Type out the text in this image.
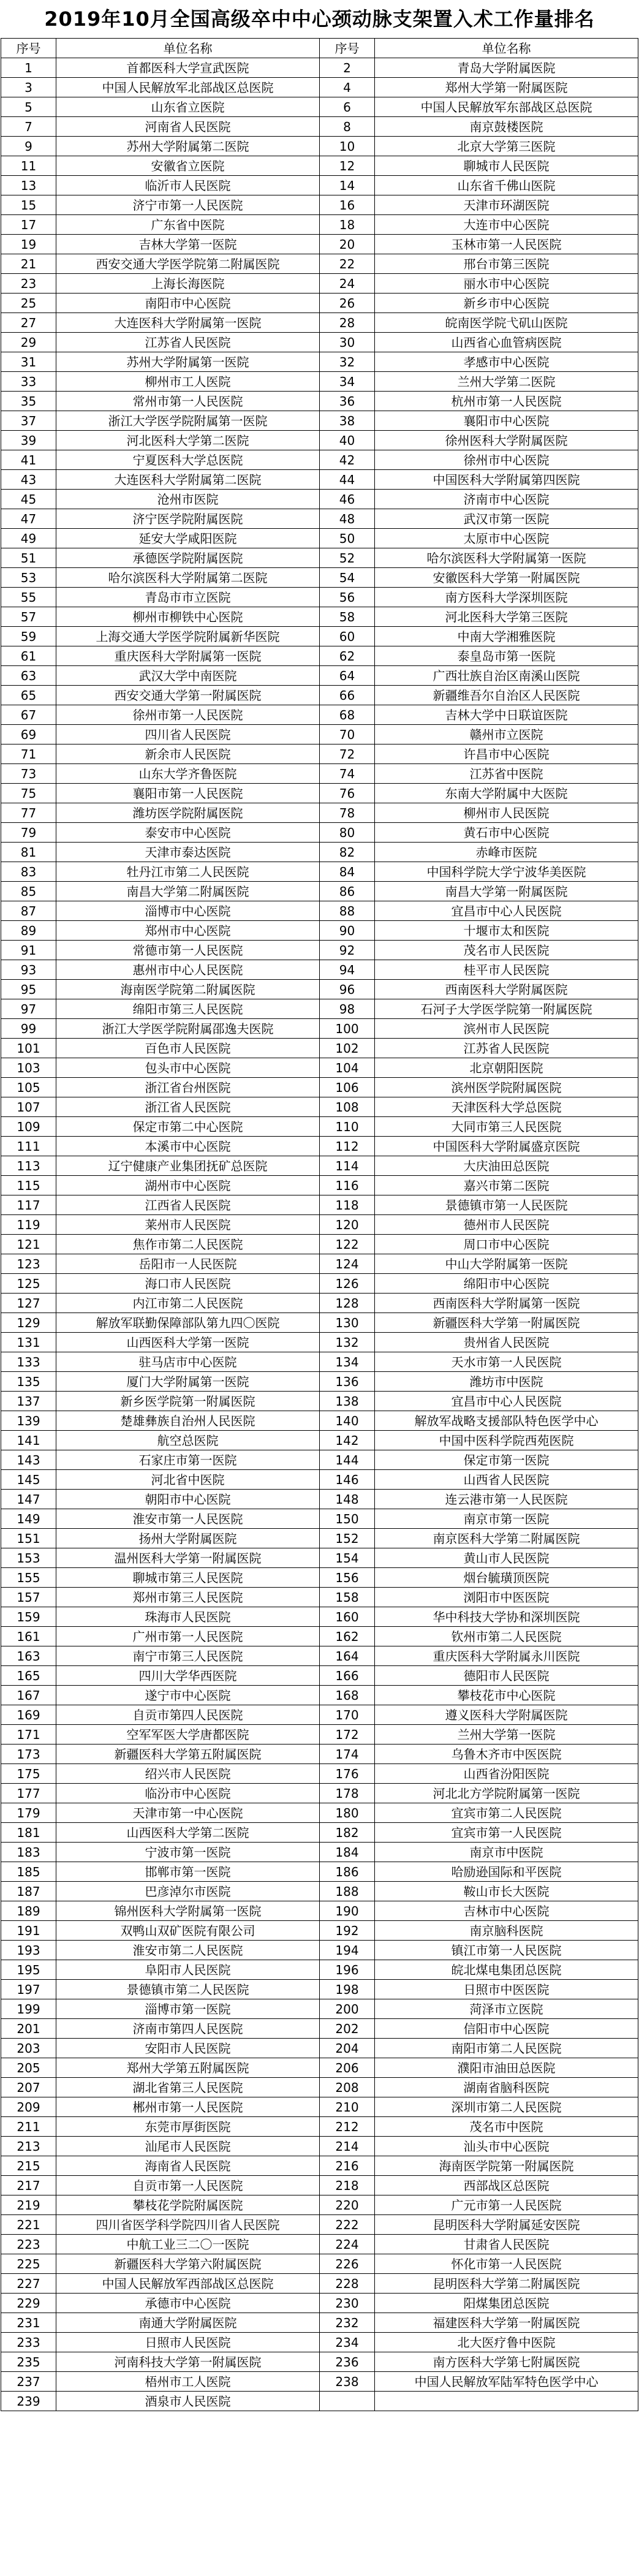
2019年10月全国高级卒中中心颈动脉支架置入术工作量排名
序号	单位名称	序号	单位名称
1	首都医科大学宣武医院	2	青岛大学附属医院
3	中国人民解放军北部战区总医院	4	郑州大学第一附属医院
5	山东省立医院	6	中国人民解放军东部战区总医院
7	河南省人民医院	8	南京鼓楼医院
9	苏州大学附属第二医院	10	北京大学第三医院
11	安徽省立医院	12	聊城市人民医院
13	临沂市人民医院	14	山东省千佛山医院
15	济宁市第一人民医院	16	天津市环湖医院
17	广东省中医院	18	大连市中心医院
19	吉林大学第一医院	20	玉林市第一人民医院
21	西安交通大学医学院第二附属医院	22	邢台市第三医院
23	上海长海医院	24	丽水市中心医院
25	南阳市中心医院	26	新乡市中心医院
27	大连医科大学附属第一医院	28	皖南医学院弋矶山医院
29	江苏省人民医院	30	山西省心血管病医院
31	苏州大学附属第一医院	32	孝感市中心医院
33	柳州市工人医院	34	兰州大学第二医院
35	常州市第一人民医院	36	杭州市第一人民医院
37	浙江大学医学院附属第一医院	38	襄阳市中心医院
39	河北医科大学第二医院	40	徐州医科大学附属医院
41	宁夏医科大学总医院	42	徐州市中心医院
43	大连医科大学附属第二医院	44	中国医科大学附属第四医院
45	沧州市医院	46	济南市中心医院
47	济宁医学院附属医院	48	武汉市第一医院
49	延安大学咸阳医院	50	太原市中心医院
51	承德医学院附属医院	52	哈尔滨医科大学附属第一医院
53	哈尔滨医科大学附属第二医院	54	安徽医科大学第一附属医院
55	青岛市市立医院	56	南方医科大学深圳医院
57	柳州市柳铁中心医院	58	河北医科大学第三医院
59	上海交通大学医学院附属新华医院	60	中南大学湘雅医院
61	重庆医科大学附属第一医院	62	泰皇岛市第一医院
63	武汉大学中南医院	64	广西壮族自治区南溪山医院
65	西安交通大学第一附属医院	66	新疆维吾尔自治区人民医院
67	徐州市第一人民医院	68	吉林大学中日联谊医院
69	四川省人民医院	70	赣州市立医院
71	新余市人民医院	72	许昌市中心医院
73	山东大学齐鲁医院	74	江苏省中医院
75	襄阳市第一人民医院	76	东南大学附属中大医院
77	潍坊医学院附属医院	78	柳州市人民医院
79	泰安市中心医院	80	黄石市中心医院
81	天津市泰达医院	82	赤峰市医院
83	牡丹江市第二人民医院	84	中国科学院大学宁波华美医院
85	南昌大学第二附属医院	86	南昌大学第一附属医院
87	淄博市中心医院	88	宜昌市中心人民医院
89	郑州市中心医院	90	十堰市太和医院
91	常德市第一人民医院	92	茂名市人民医院
93	惠州市中心人民医院	94	桂平市人民医院
95	海南医学院第二附属医院	96	西南医科大学附属医院
97	绵阳市第三人民医院	98	石河子大学医学院第一附属医院
99	浙江大学医学院附属邵逸夫医院	100	滨州市人民医院
101	百色市人民医院	102	江苏省人民医院
103	包头市中心医院	104	北京朝阳医院
105	浙江省台州医院	106	滨州医学院附属医院
107	浙江省人民医院	108	天津医科大学总医院
109	保定市第二中心医院	110	大同市第三人民医院
111	本溪市中心医院	112	中国医科大学附属盛京医院
113	辽宁健康产业集团抚矿总医院	114	大庆油田总医院
115	湖州市中心医院	116	嘉兴市第二医院
117	江西省人民医院	118	景德镇市第一人民医院
119	莱州市人民医院	120	德州市人民医院
121	焦作市第二人民医院	122	周口市中心医院
123	岳阳市一人民医院	124	中山大学附属第一医院
125	海口市人民医院	126	绵阳市中心医院
127	内江市第二人民医院	128	西南医科大学附属第一医院
129	解放军联勤保障部队第九四〇医院	130	新疆医科大学第一附属医院
131	山西医科大学第一医院	132	贵州省人民医院
133	驻马店市中心医院	134	天水市第一人民医院
135	厦门大学附属第一医院	136	潍坊市中医院
137	新乡医学院第一附属医院	138	宜昌市中心人民医院
139	楚雄彝族自治州人民医院	140	解放军战略支援部队特色医学中心
141	航空总医院	142	中国中医科学院西苑医院
143	石家庄市第一医院	144	保定市第一医院
145	河北省中医院	146	山西省人民医院
147	朝阳市中心医院	148	连云港市第一人民医院
149	淮安市第一人民医院	150	南京市第一医院
151	扬州大学附属医院	152	南京医科大学第二附属医院
153	温州医科大学第一附属医院	154	黄山市人民医院
155	聊城市第三人民医院	156	烟台毓璜顶医院
157	郑州市第三人民医院	158	浏阳市中医医院
159	珠海市人民医院	160	华中科技大学协和深圳医院
161	广州市第一人民医院	162	钦州市第二人民医院
163	南宁市第三人民医院	164	重庆医科大学附属永川医院
165	四川大学华西医院	166	德阳市人民医院
167	遂宁市中心医院	168	攀枝花市中心医院
169	自贡市第四人民医院	170	遵义医科大学附属医院
171	空军军医大学唐都医院	172	兰州大学第一医院
173	新疆医科大学第五附属医院	174	乌鲁木齐市中医医院
175	绍兴市人民医院	176	山西省汾阳医院
177	临汾市中心医院	178	河北北方学院附属第一医院
179	天津市第一中心医院	180	宜宾市第二人民医院
181	山西医科大学第二医院	182	宜宾市第一人民医院
183	宁波市第一医院	184	南京市中医院
185	邯郸市第一医院	186	哈励逊国际和平医院
187	巴彦淖尔市医院	188	鞍山市长大医院
189	锦州医科大学附属第一医院	190	吉林市中心医院
191	双鸭山双矿医院有限公司	192	南京脑科医院
193	淮安市第二人民医院	194	镇江市第一人民医院
195	阜阳市人民医院	196	皖北煤电集团总医院
197	景德镇市第二人民医院	198	日照市中医医院
199	淄博市第一医院	200	菏泽市立医院
201	济南市第四人民医院	202	信阳市中心医院
203	安阳市人民医院	204	南阳市第二人民医院
205	郑州大学第五附属医院	206	濮阳市油田总医院
207	湖北省第三人民医院	208	湖南省脑科医院
209	郴州市第一人民医院	210	深圳市第二人民医院
211	东莞市厚街医院	212	茂名市中医院
213	汕尾市人民医院	214	汕头市中心医院
215	海南省人民医院	216	海南医学院第一附属医院
217	自贡市第一人民医院	218	西部战区总医院
219	攀枝花学院附属医院	220	广元市第一人民医院
221	四川省医学科学院四川省人民医院	222	昆明医科大学附属延安医院
223	中航工业三二〇一医院	224	甘肃省人民医院
225	新疆医科大学第六附属医院	226	怀化市第一人民医院
227	中国人民解放军西部战区总医院	228	昆明医科大学第二附属医院
229	承德市中心医院	230	阳煤集团总医院
231	南通大学附属医院	232	福建医科大学第一附属医院
233	日照市人民医院	234	北大医疗鲁中医院
235	河南科技大学第一附属医院	236	南方医科大学第七附属医院
237	梧州市工人医院	238	中国人民解放军陆军特色医学中心
239	酒泉市人民医院		
